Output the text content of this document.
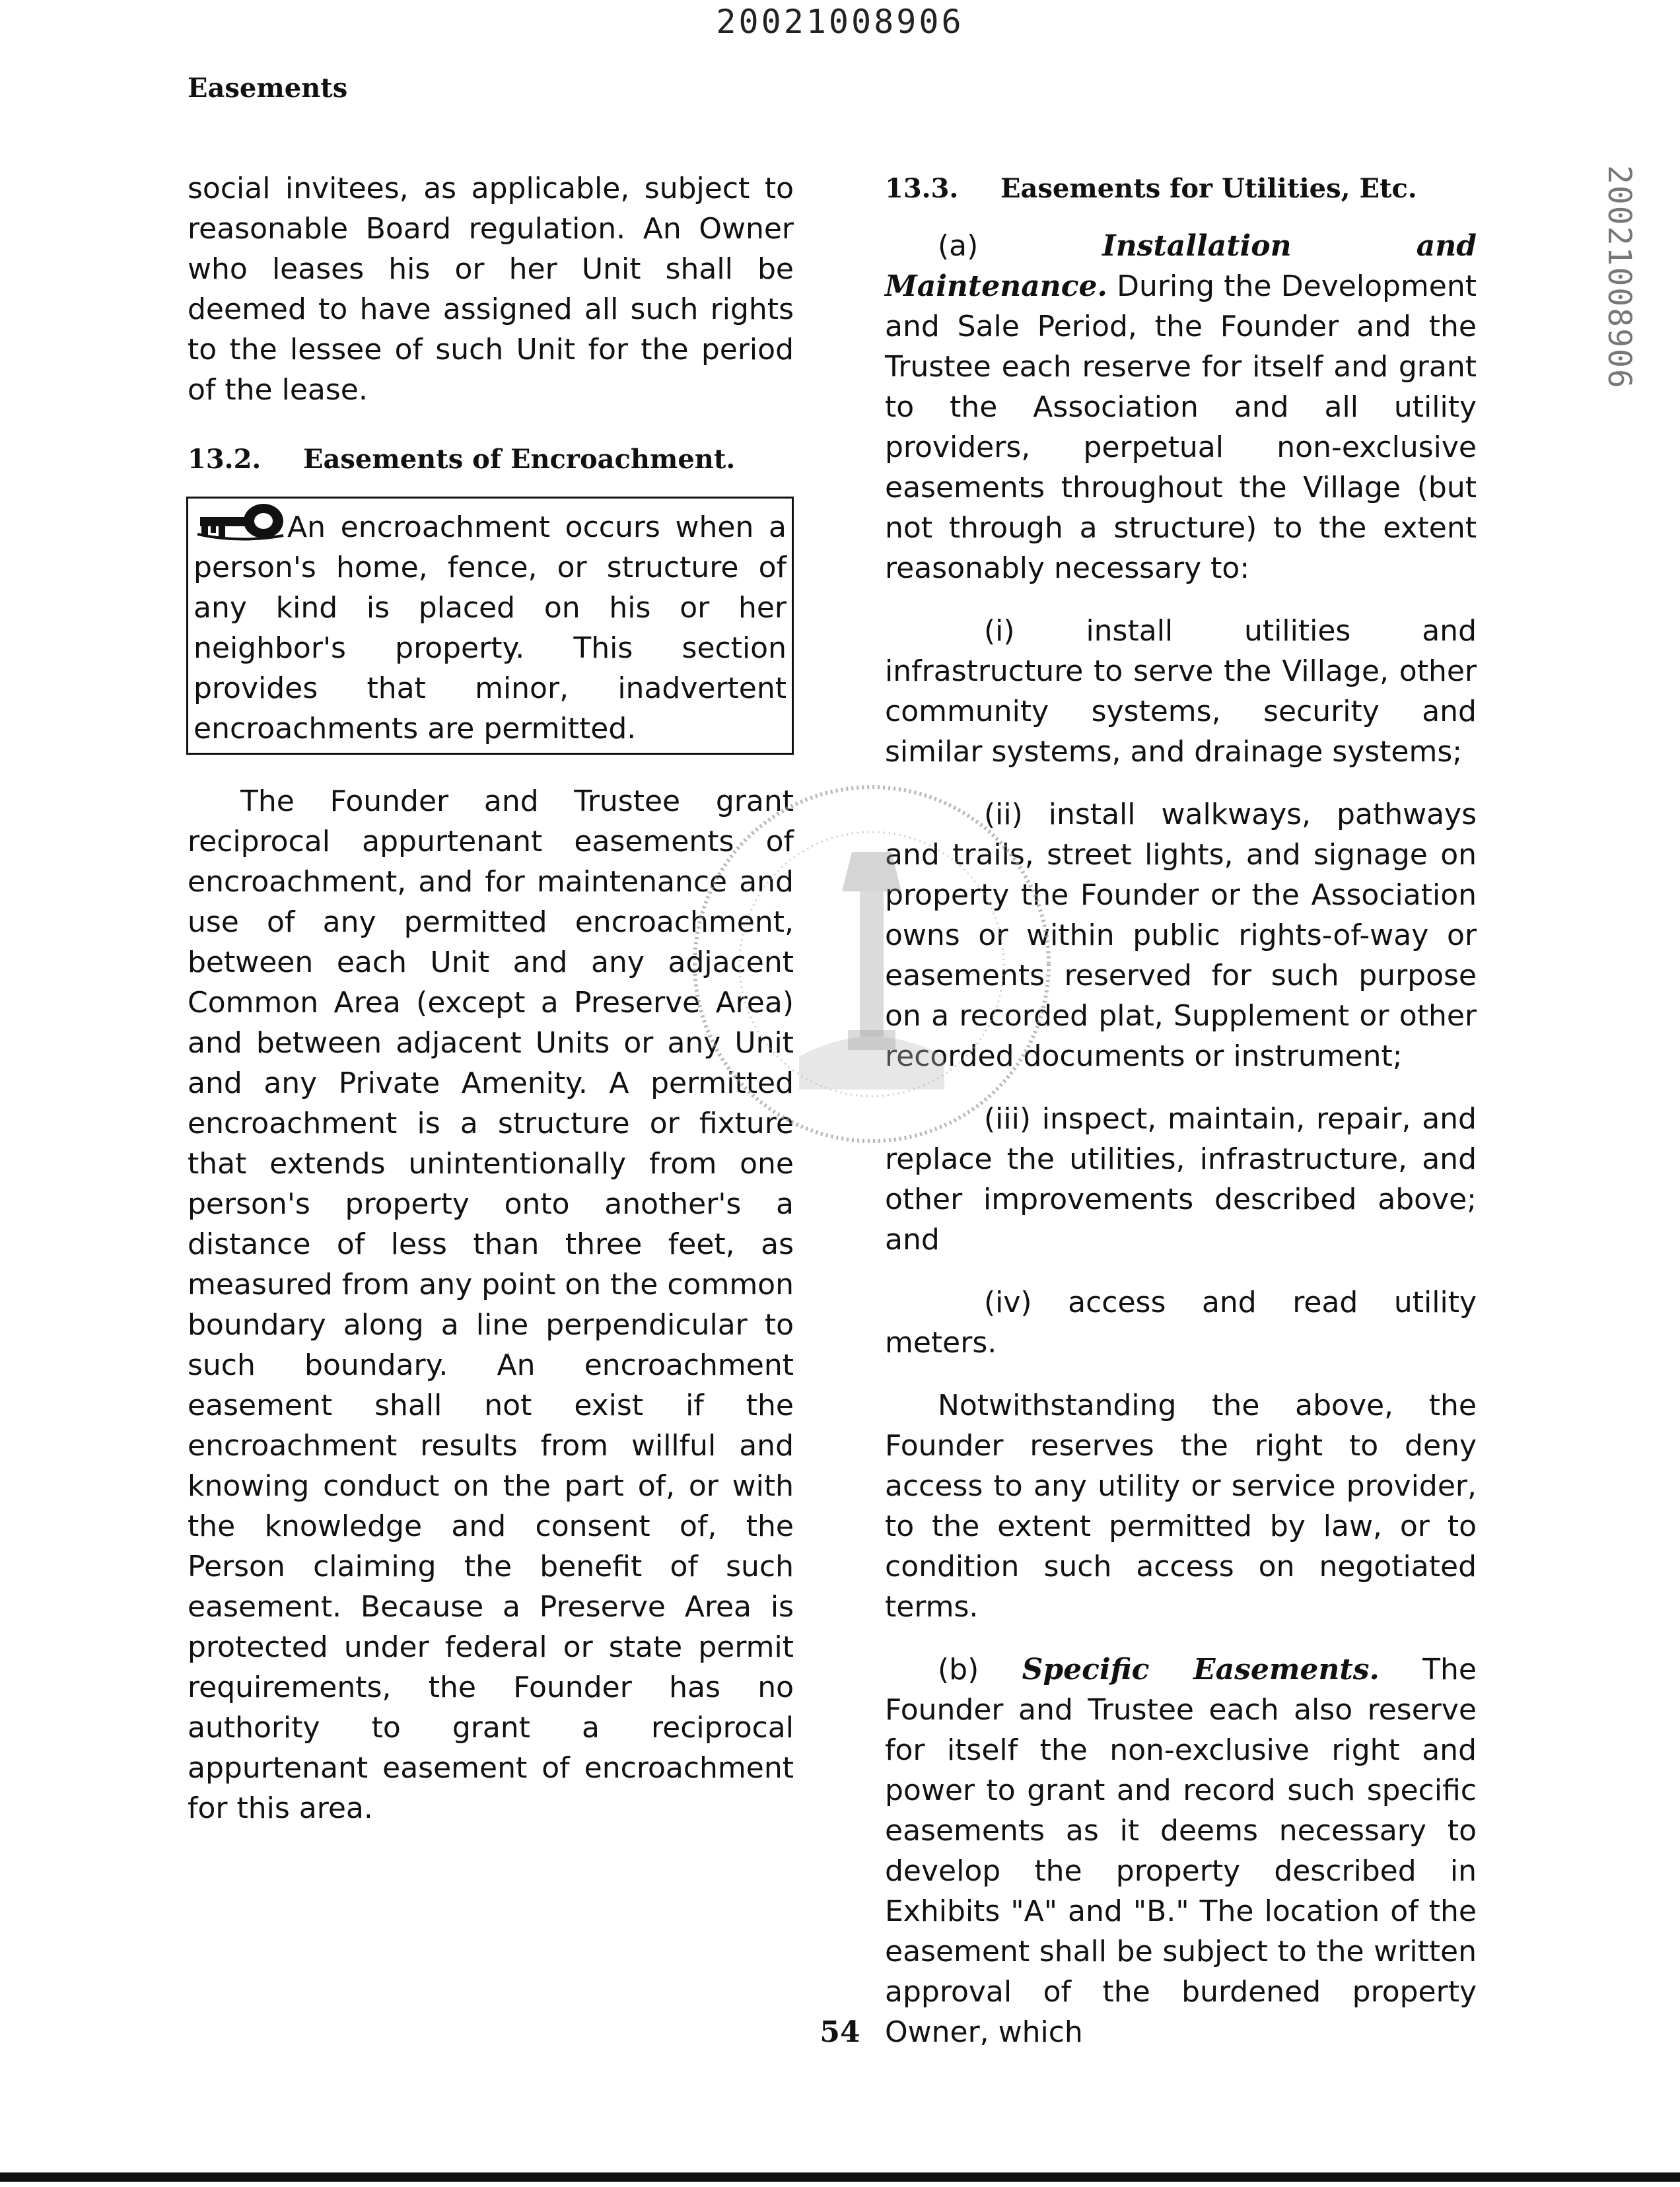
20021008906
20021008906
Easements

social invitees, as applicable, subject to reasonable Board regulation. An Owner who leases his or her Unit shall be deemed to have assigned all such rights to the lessee of such Unit for the period of the lease.

13.2. Easements of Encroachment.

An encroachment occurs when a person's home, fence, or structure of any kind is placed on his or her neighbor's property. This section provides that minor, inadvertent encroachments are permitted.

The Founder and Trustee grant reciprocal appurtenant easements of encroachment, and for maintenance and use of any permitted encroachment, between each Unit and any adjacent Common Area (except a Preserve Area) and between adjacent Units or any Unit and any Private Amenity. A permitted encroachment is a structure or fixture that extends unintentionally from one person's property onto another's a distance of less than three feet, as measured from any point on the common boundary along a line perpendicular to such boundary. An encroachment easement shall not exist if the encroachment results from willful and knowing conduct on the part of, or with the knowledge and consent of, the Person claiming the benefit of such easement. Because a Preserve Area is protected under federal or state permit requirements, the Founder has no authority to grant a reciprocal appurtenant easement of encroachment for this area.

13.3. Easements for Utilities, Etc.

(a)	Installation and Maintenance. During the Development and Sale Period, the Founder and the Trustee each reserve for itself and grant to the Association and all utility providers, perpetual non-exclusive easements throughout the Village (but not through a structure) to the extent reasonably necessary to:

(i) install utilities and infrastructure to serve the Village, other community systems, security and similar systems, and drainage systems;

(ii) install walkways, pathways and trails, street lights, and signage on property the Founder or the Association owns or within public rights-of-way or easements reserved for such purpose on a recorded plat, Supplement or other recorded documents or instrument;

(iii) inspect, maintain, repair, and replace the utilities, infrastructure, and other improvements described above; and

(iv) access and read utility meters.

Notwithstanding the above, the Founder reserves the right to deny access to any utility or service provider, to the extent permitted by law, or to condition such access on negotiated terms.

(b) Specific Easements. The Founder and Trustee each also reserve for itself the non-exclusive right and power to grant and record such specific easements as it deems necessary to develop the property described in Exhibits "A" and "B." The location of the easement shall be subject to the written approval of the burdened property Owner, which

54
